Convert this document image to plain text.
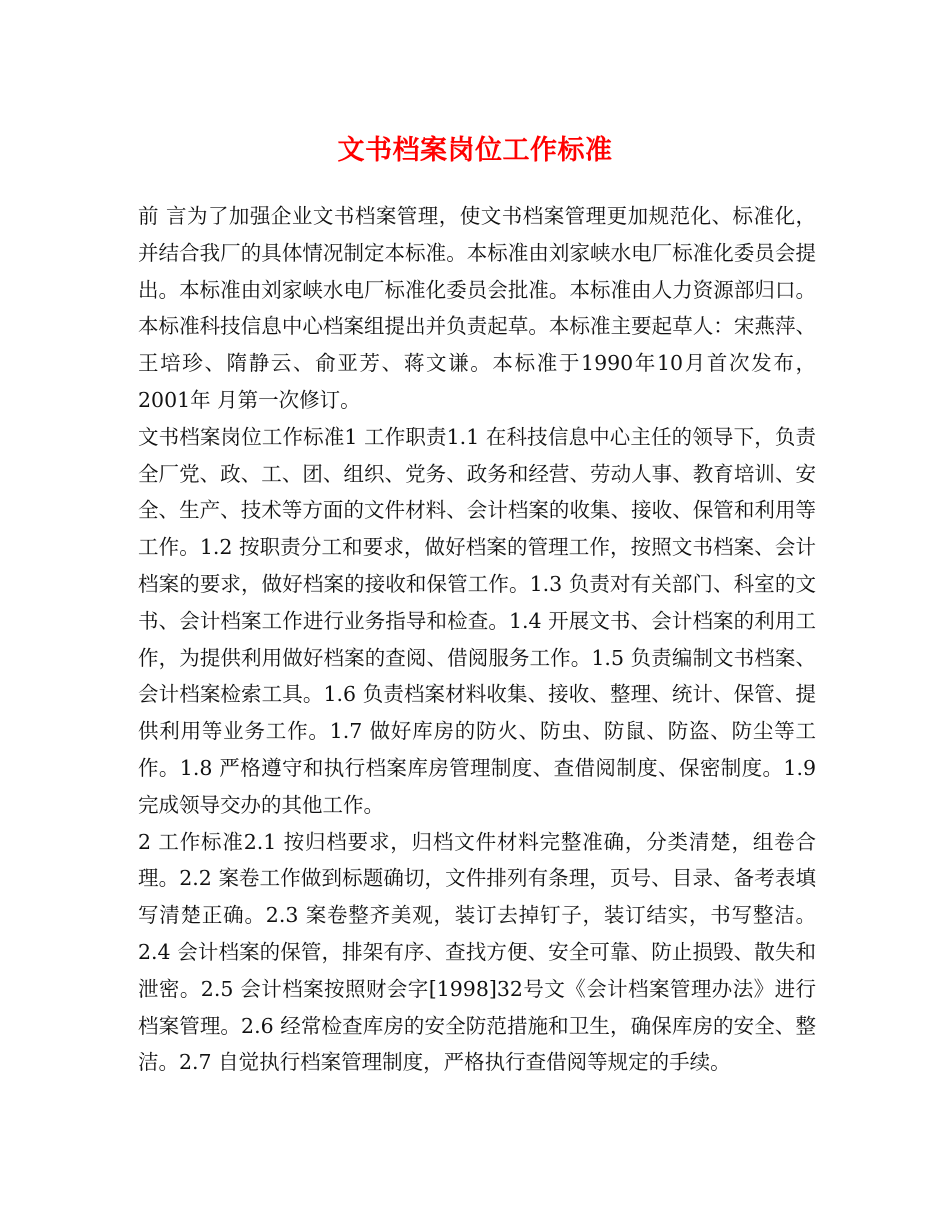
文书档案岗位工作标准

前 言为了加强企业文书档案管理，使文书档案管理更加规范化、标准化，并结合我厂的具体情况制定本标准。本标准由刘家峡水电厂标准化委员会提出。本标准由刘家峡水电厂标准化委员会批准。本标准由人力资源部归口。本标准科技信息中心档案组提出并负责起草。本标准主要起草人：宋燕萍、王培珍、隋静云、俞亚芳、蒋文谦。本标准于1990年10月首次发布，2001年 月第一次修订。

文书档案岗位工作标准1 工作职责1.1 在科技信息中心主任的领导下，负责全厂党、政、工、团、组织、党务、政务和经营、劳动人事、教育培训、安全、生产、技术等方面的文件材料、会计档案的收集、接收、保管和利用等工作。1.2 按职责分工和要求，做好档案的管理工作，按照文书档案、会计档案的要求，做好档案的接收和保管工作。1.3 负责对有关部门、科室的文书、会计档案工作进行业务指导和检查。1.4 开展文书、会计档案的利用工作，为提供利用做好档案的查阅、借阅服务工作。1.5 负责编制文书档案、会计档案检索工具。1.6 负责档案材料收集、接收、整理、统计、保管、提供利用等业务工作。1.7 做好库房的防火、防虫、防鼠、防盗、防尘等工作。1.8 严格遵守和执行档案库房管理制度、查借阅制度、保密制度。1.9 完成领导交办的其他工作。

2 工作标准2.1 按归档要求，归档文件材料完整准确，分类清楚，组卷合理。2.2 案卷工作做到标题确切，文件排列有条理，页号、目录、备考表填写清楚正确。2.3 案卷整齐美观，装订去掉钉子，装订结实，书写整洁。2.4 会计档案的保管，排架有序、查找方便、安全可靠、防止损毁、散失和泄密。2.5 会计档案按照财会字[1998]32号文《会计档案管理办法》进行档案管理。2.6 经常检查库房的安全防范措施和卫生，确保库房的安全、整洁。2.7 自觉执行档案管理制度，严格执行查借阅等规定的手续。
